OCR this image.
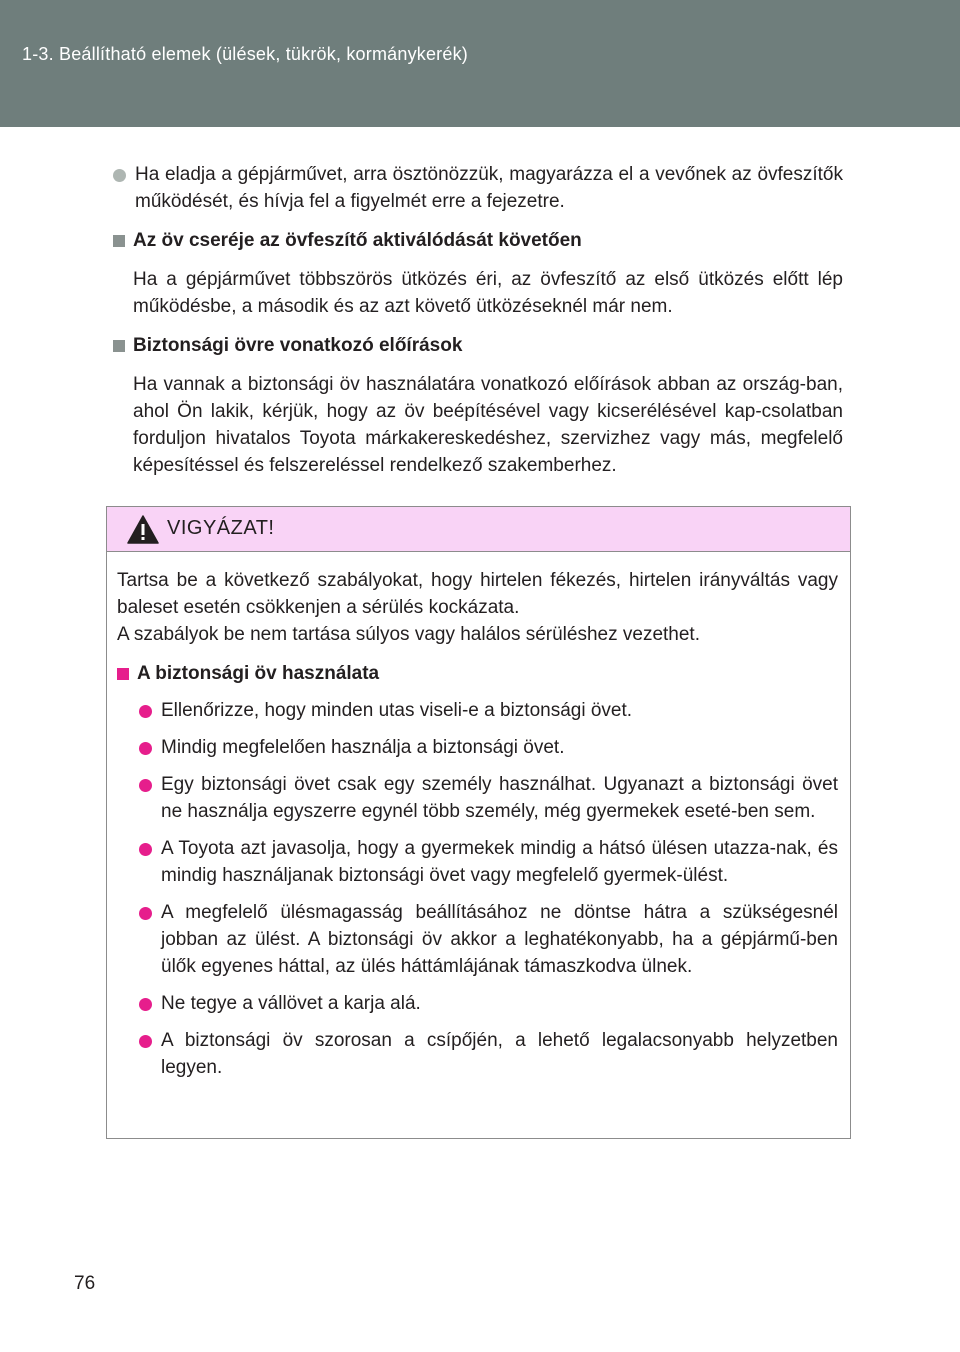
1-3. Beállítható elemek (ülések, tükrök, kormánykerék)
Ha eladja a gépjárművet, arra ösztönözzük, magyarázza el a vevőnek az övfeszítők működését, és hívja fel a figyelmét erre a fejezetre.
Az öv cseréje az övfeszítő aktiválódását követően
Ha a gépjárművet többszörös ütközés éri, az övfeszítő az első ütközés előtt lép működésbe, a második és az azt követő ütközéseknél már nem.
Biztonsági övre vonatkozó előírások
Ha vannak a biztonsági öv használatára vonatkozó előírások abban az ország-ban, ahol Ön lakik, kérjük, hogy az öv beépítésével vagy kicserélésével kap-csolatban forduljon hivatalos Toyota márkakereskedéshez, szervizhez vagy más, megfelelő képesítéssel és felszereléssel rendelkező szakemberhez.
VIGYÁZAT!
Tartsa be a következő szabályokat, hogy hirtelen fékezés, hirtelen irányváltás vagy baleset esetén csökkenjen a sérülés kockázata.
A szabályok be nem tartása súlyos vagy halálos sérüléshez vezethet.
A biztonsági öv használata
Ellenőrizze, hogy minden utas viseli-e a biztonsági övet.
Mindig megfelelően használja a biztonsági övet.
Egy biztonsági övet csak egy személy használhat. Ugyanazt a biztonsági övet ne használja egyszerre egynél több személy, még gyermekek eseté-ben sem.
A Toyota azt javasolja, hogy a gyermekek mindig a hátsó ülésen utazza-nak, és mindig használjanak biztonsági övet vagy megfelelő gyermek-ülést.
A megfelelő ülésmagasság beállításához ne döntse hátra a szükségesnél jobban az ülést. A biztonsági öv akkor a leghatékonyabb, ha a gépjármű-ben ülők egyenes háttal, az ülés háttámlájának támaszkodva ülnek.
Ne tegye a vállövet a karja alá.
A biztonsági öv szorosan a csípőjén, a lehető legalacsonyabb helyzetben legyen.
76
